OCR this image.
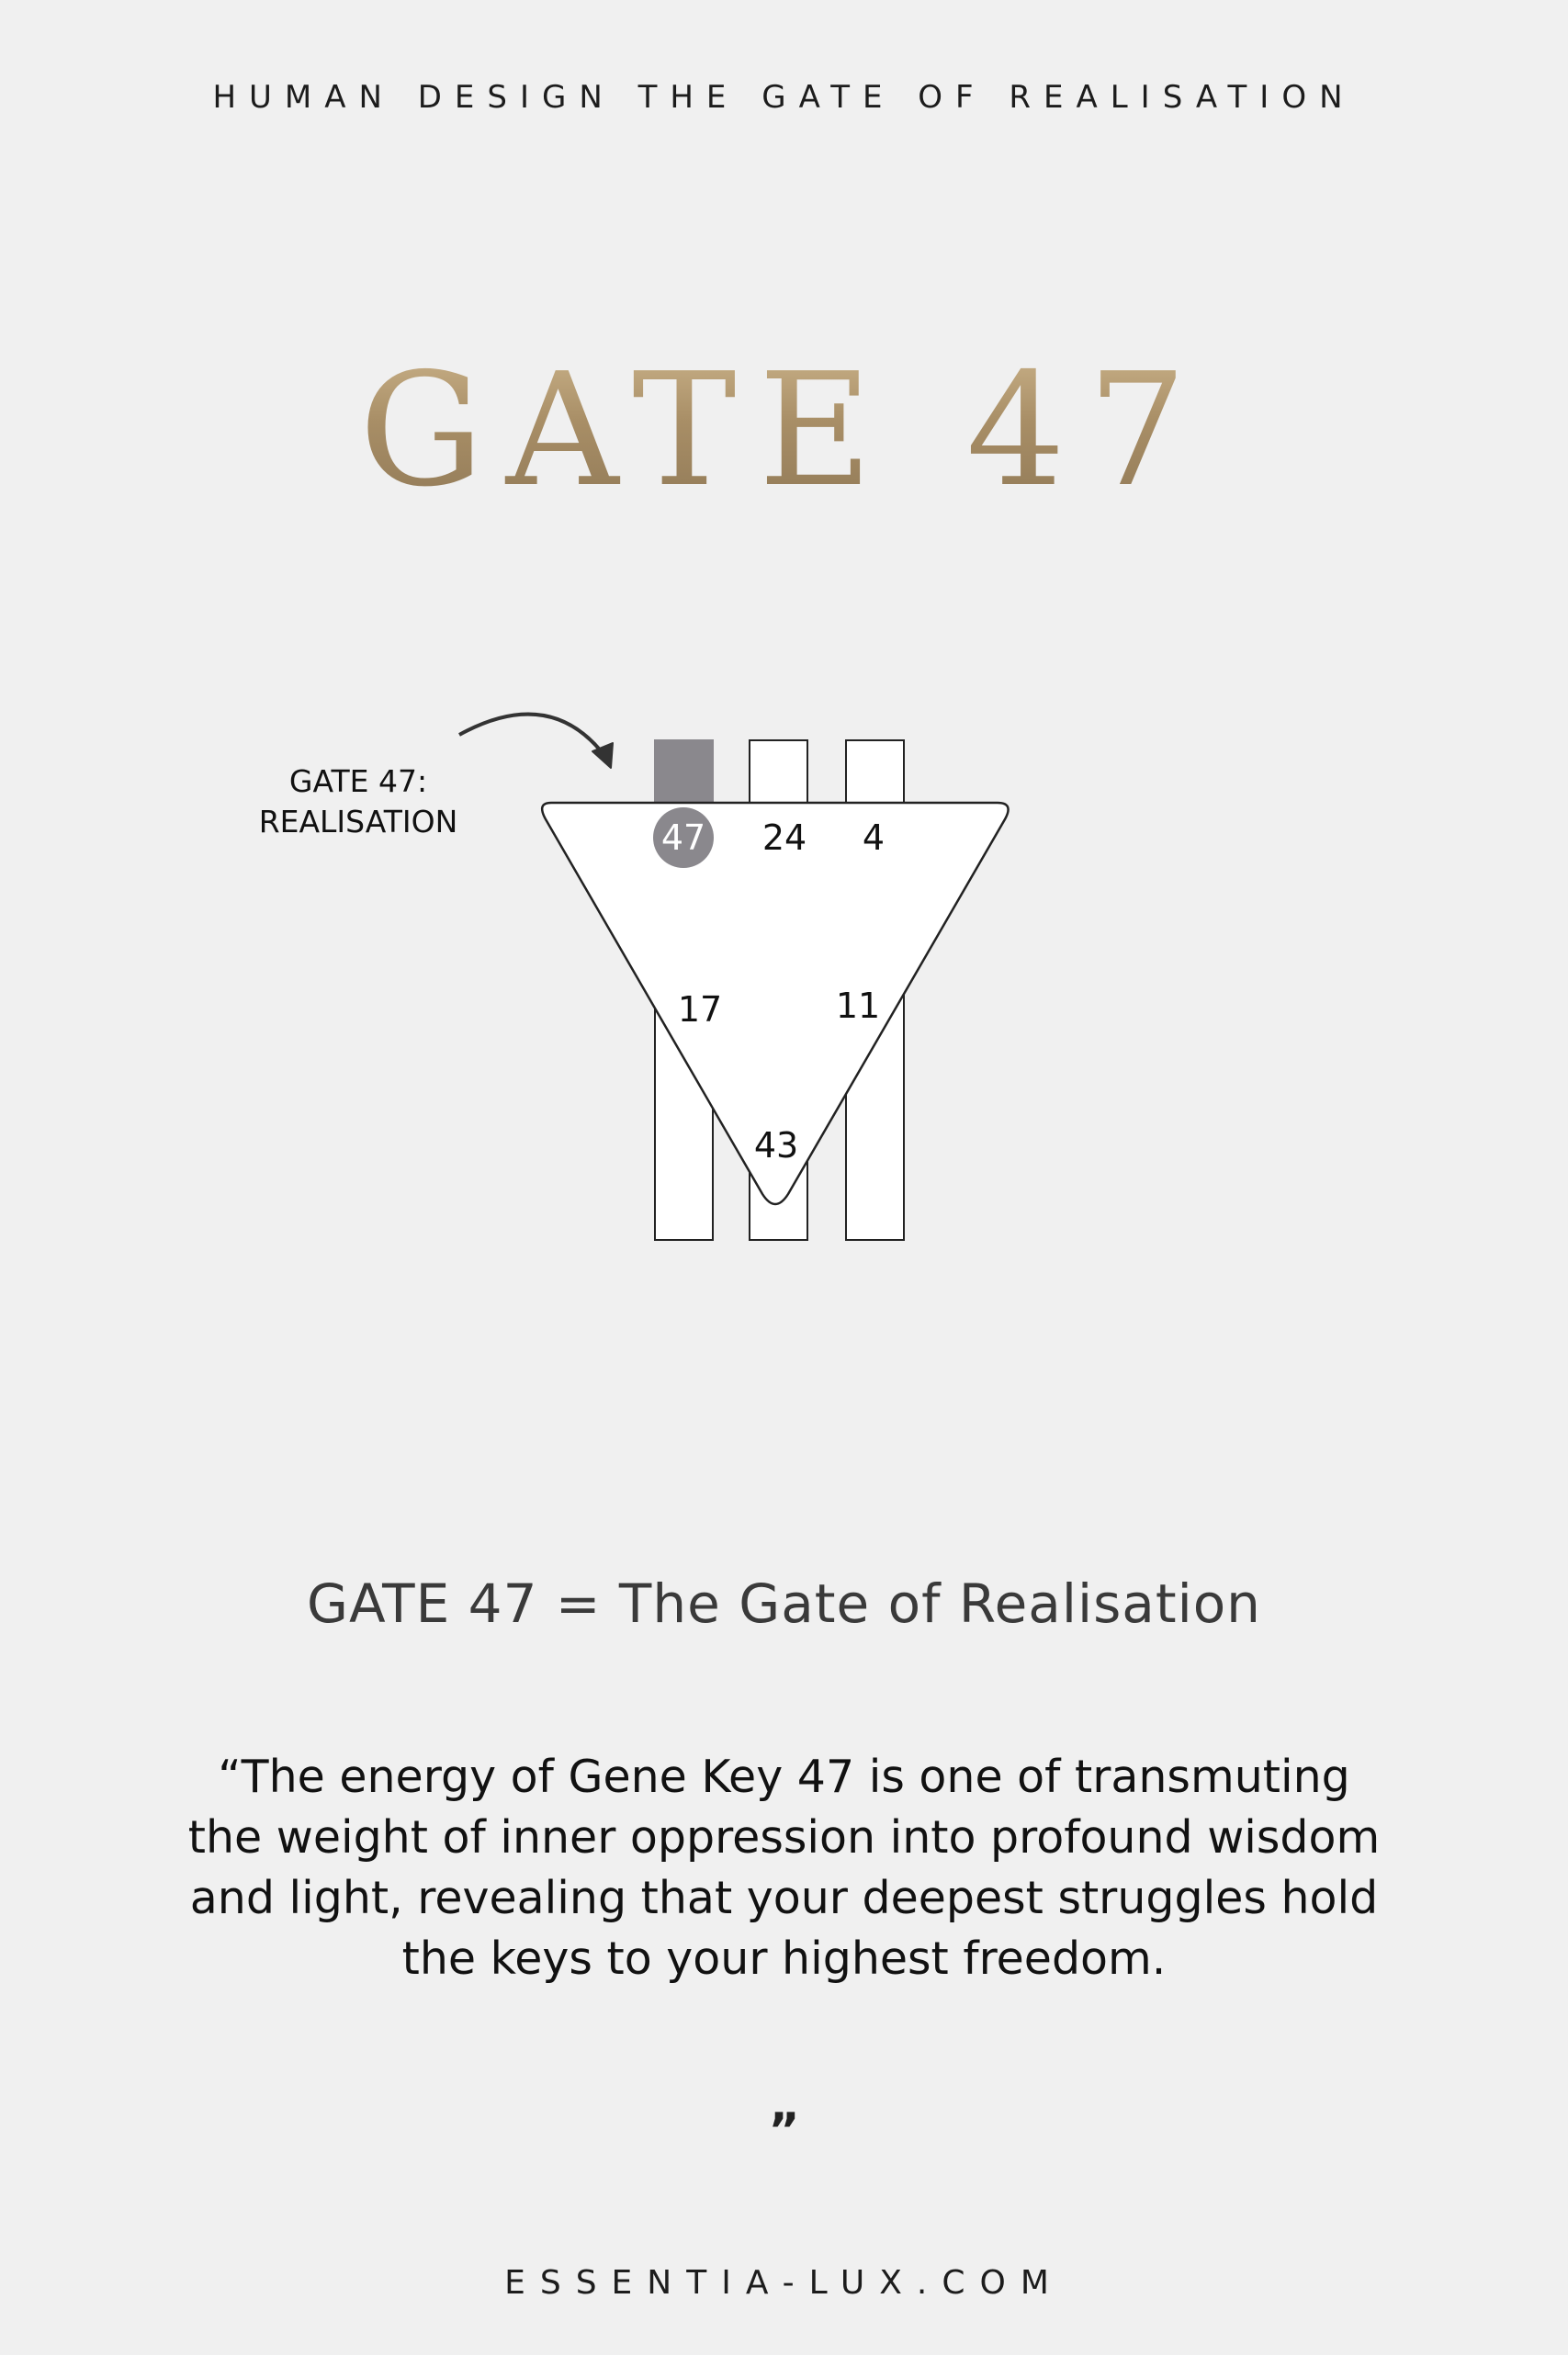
HUMAN DESIGN THE GATE OF REALISATION
GATE 47
47 24 4
17	11
43
GATE 47:
REALISATION
GATE 47 = The Gate of Realisation
“The energy of Gene Key 47 is one of transmuting the weight of inner oppression into profound wisdom and light, revealing that your deepest struggles hold the keys to your highest freedom.
”
ESSENTIA-LUX.COM
